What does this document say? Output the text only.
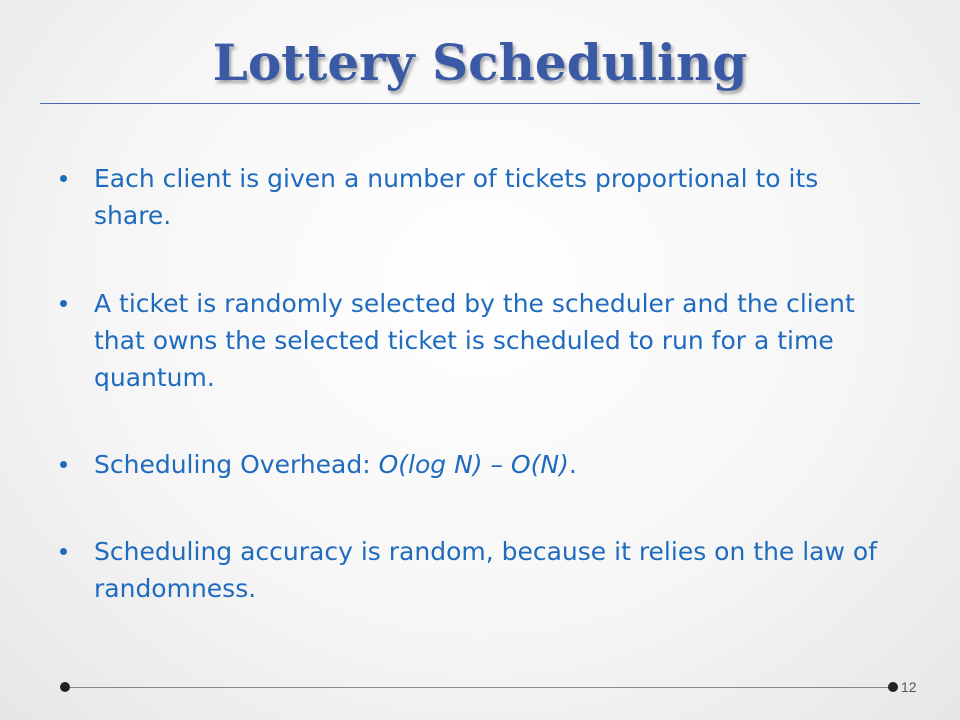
Lottery Scheduling
Each client is given a number of tickets proportional to its share.
A ticket is randomly selected by the scheduler and the client that owns the selected ticket is scheduled to run for a time quantum.
Scheduling Overhead: O(log N) – O(N).
Scheduling accuracy is random, because it relies on the law of randomness.
12
